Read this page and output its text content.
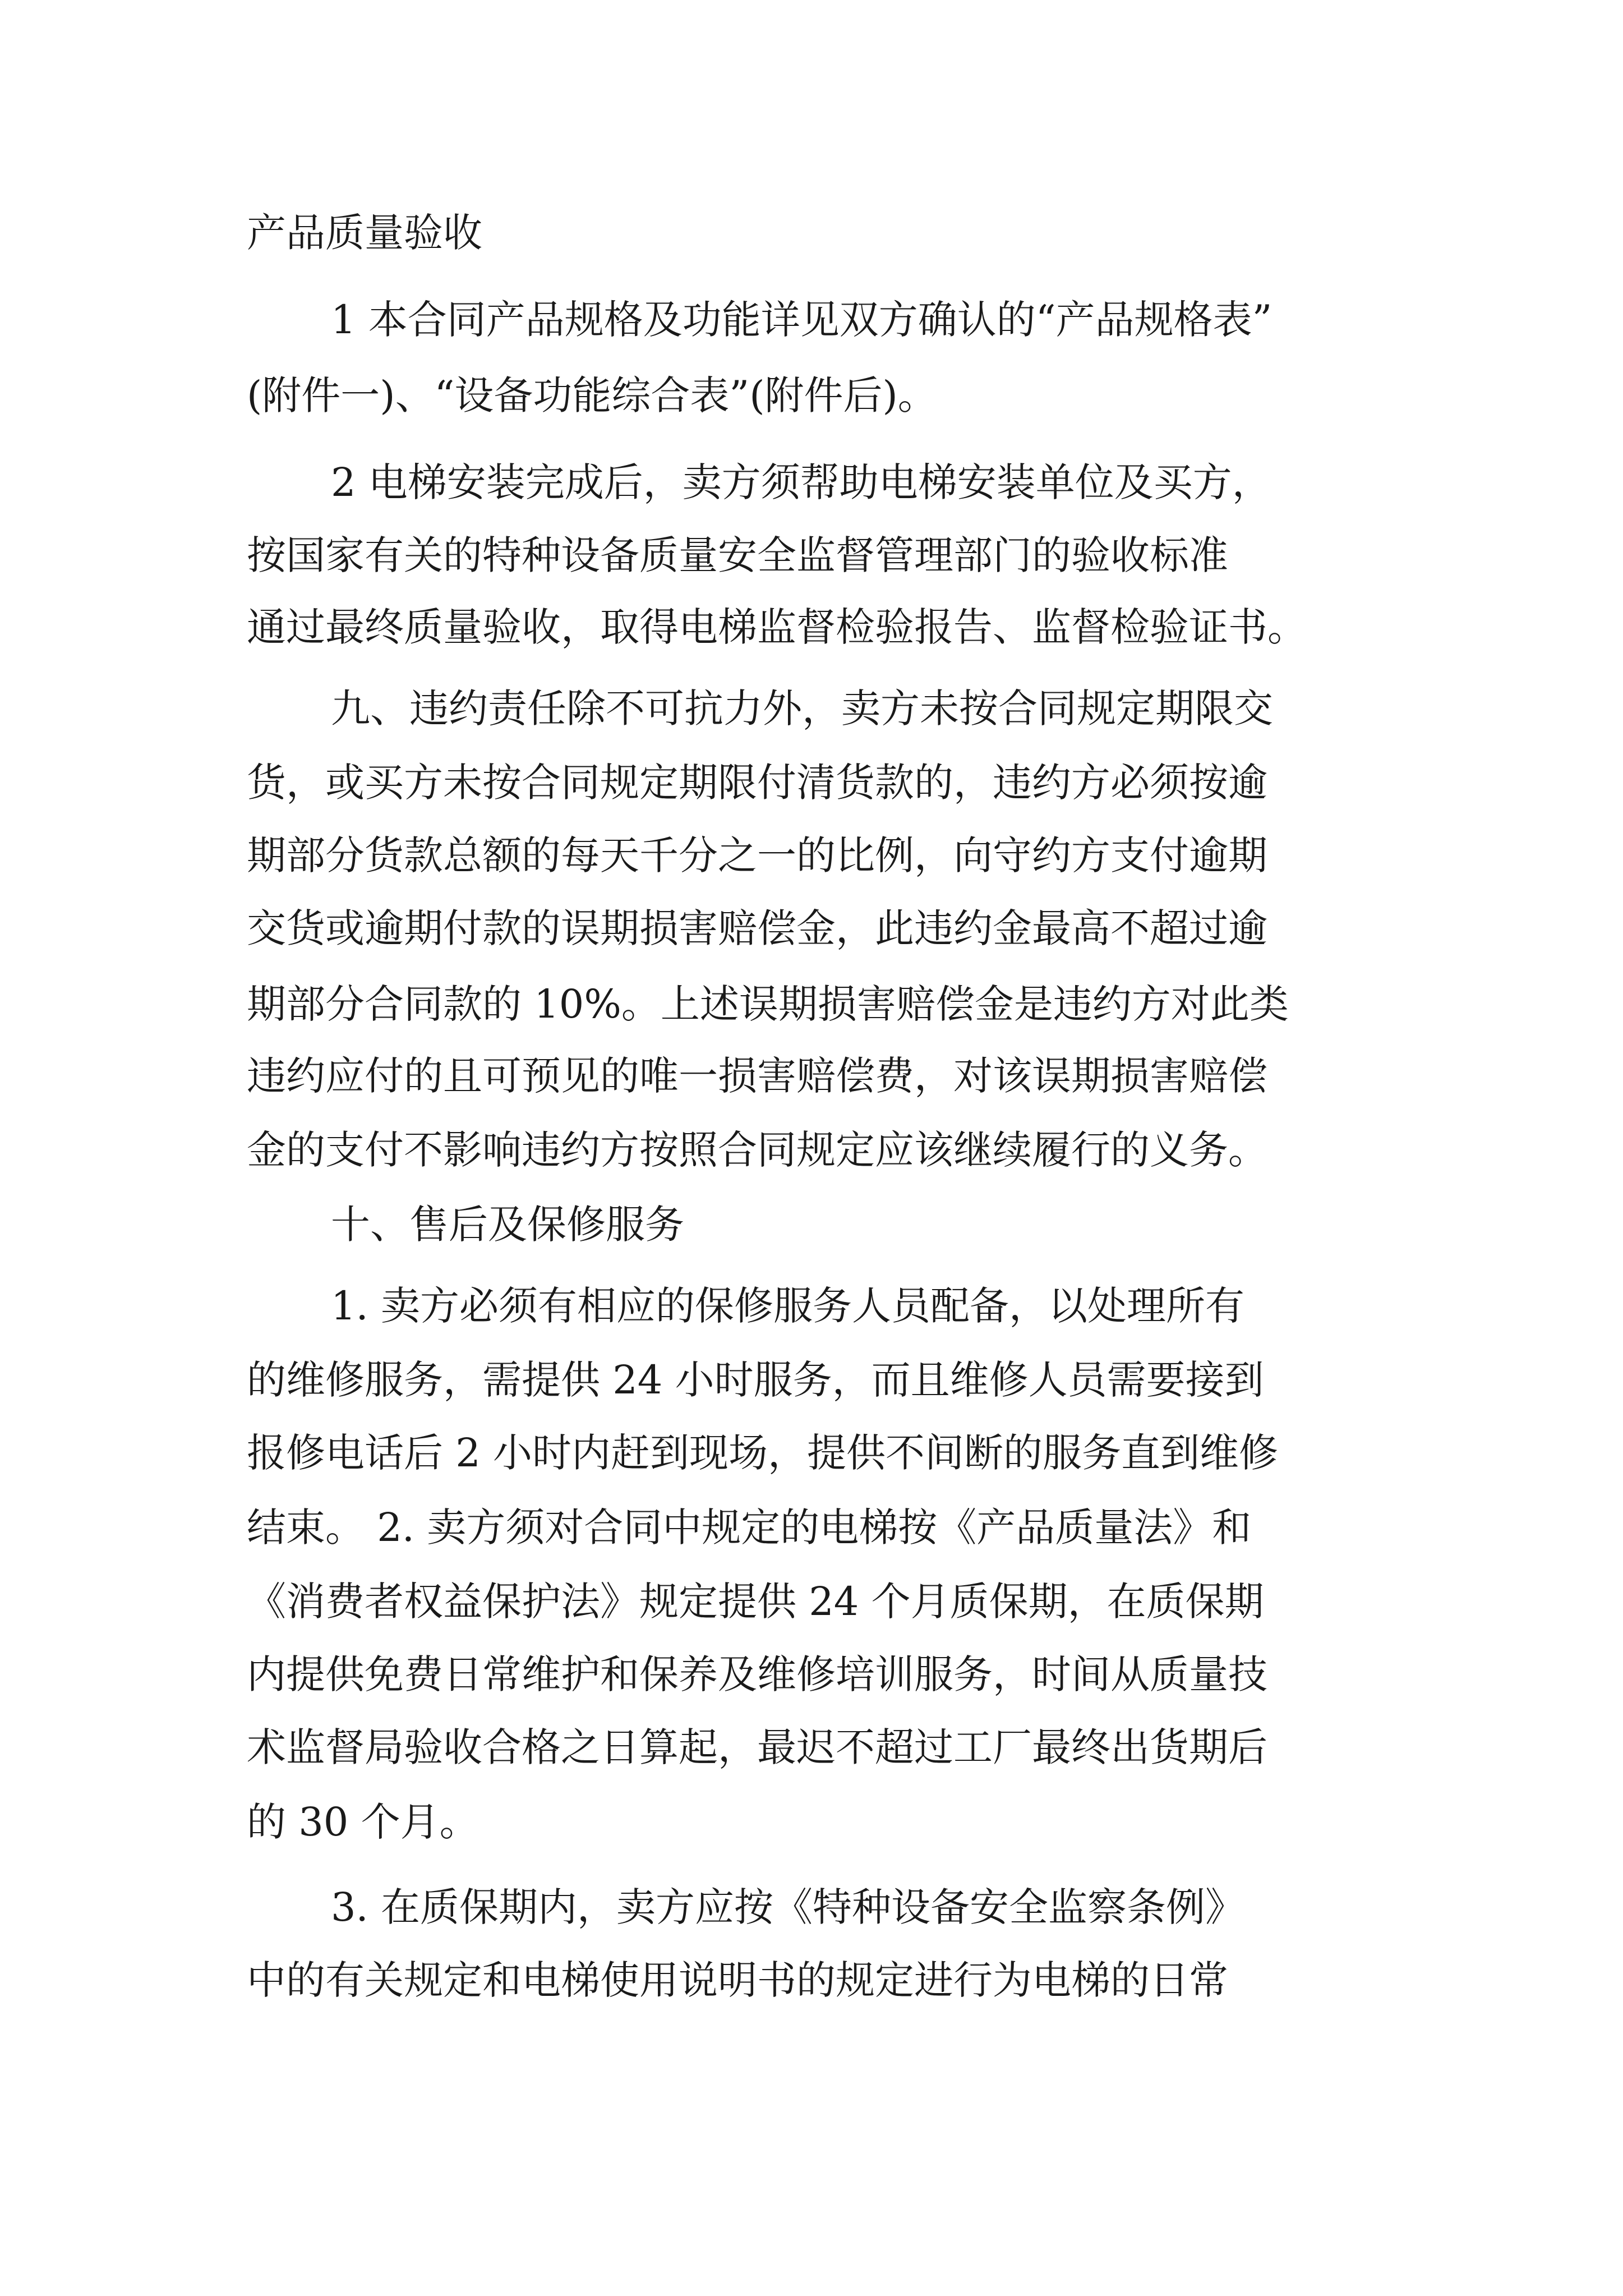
产品质量验收
1 本合同产品规格及功能详见双方确认的“产品规格表”
(附件一)、“设备功能综合表”(附件后)。
2 电梯安装完成后，卖方须帮助电梯安装单位及买方，
按国家有关的特种设备质量安全监督管理部门的验收标准
通过最终质量验收，取得电梯监督检验报告、监督检验证书。
九、违约责任除不可抗力外，卖方未按合同规定期限交
货，或买方未按合同规定期限付清货款的，违约方必须按逾
期部分货款总额的每天千分之一的比例，向守约方支付逾期
交货或逾期付款的误期损害赔偿金，此违约金最高不超过逾
期部分合同款的 10%。上述误期损害赔偿金是违约方对此类
违约应付的且可预见的唯一损害赔偿费，对该误期损害赔偿
金的支付不影响违约方按照合同规定应该继续履行的义务。
十、售后及保修服务
1. 卖方必须有相应的保修服务人员配备，以处理所有
的维修服务，需提供 24 小时服务，而且维修人员需要接到
报修电话后 2 小时内赶到现场，提供不间断的服务直到维修
结束。 2. 卖方须对合同中规定的电梯按《产品质量法》和
《消费者权益保护法》规定提供 24 个月质保期，在质保期
内提供免费日常维护和保养及维修培训服务，时间从质量技
术监督局验收合格之日算起，最迟不超过工厂最终出货期后
的 30 个月。
3. 在质保期内，卖方应按《特种设备安全监察条例》
中的有关规定和电梯使用说明书的规定进行为电梯的日常
